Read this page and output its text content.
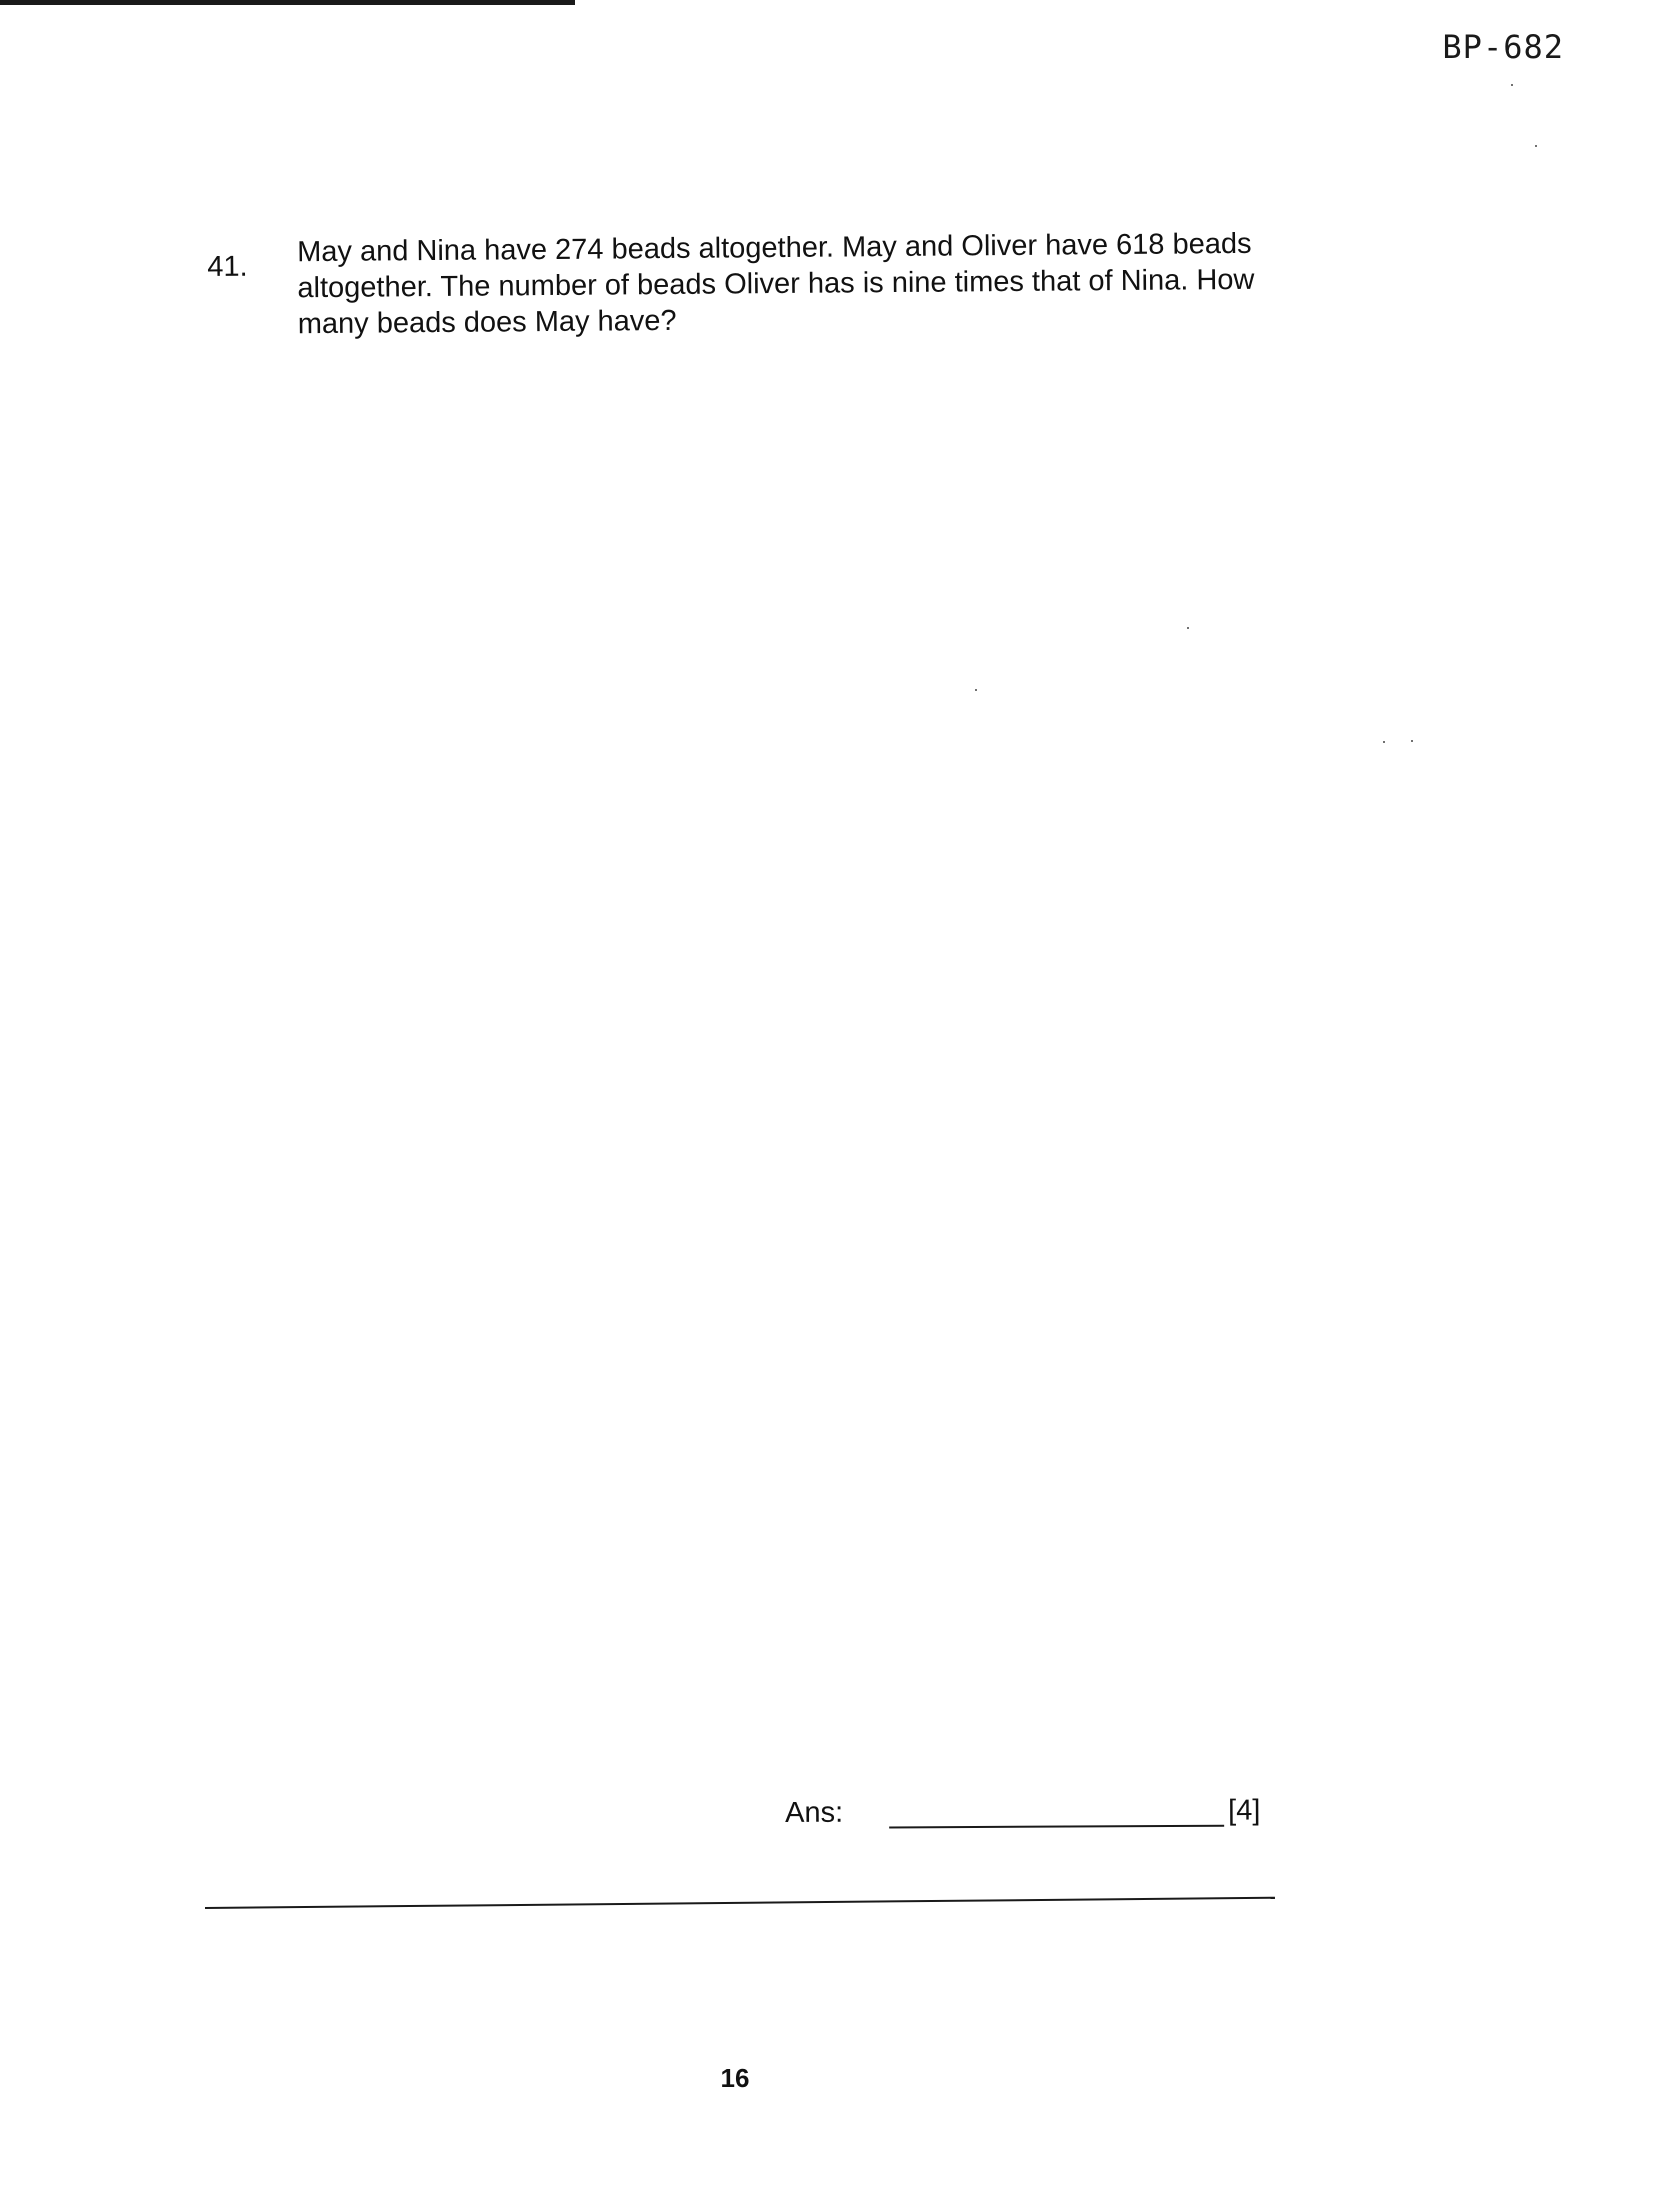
BP-682
41.	May and Nina have 274 beads altogether. May and Oliver have 618 beads altogether. The number of beads Oliver has is nine times that of Nina. How many beads does May have?
Ans:	[4]
16
